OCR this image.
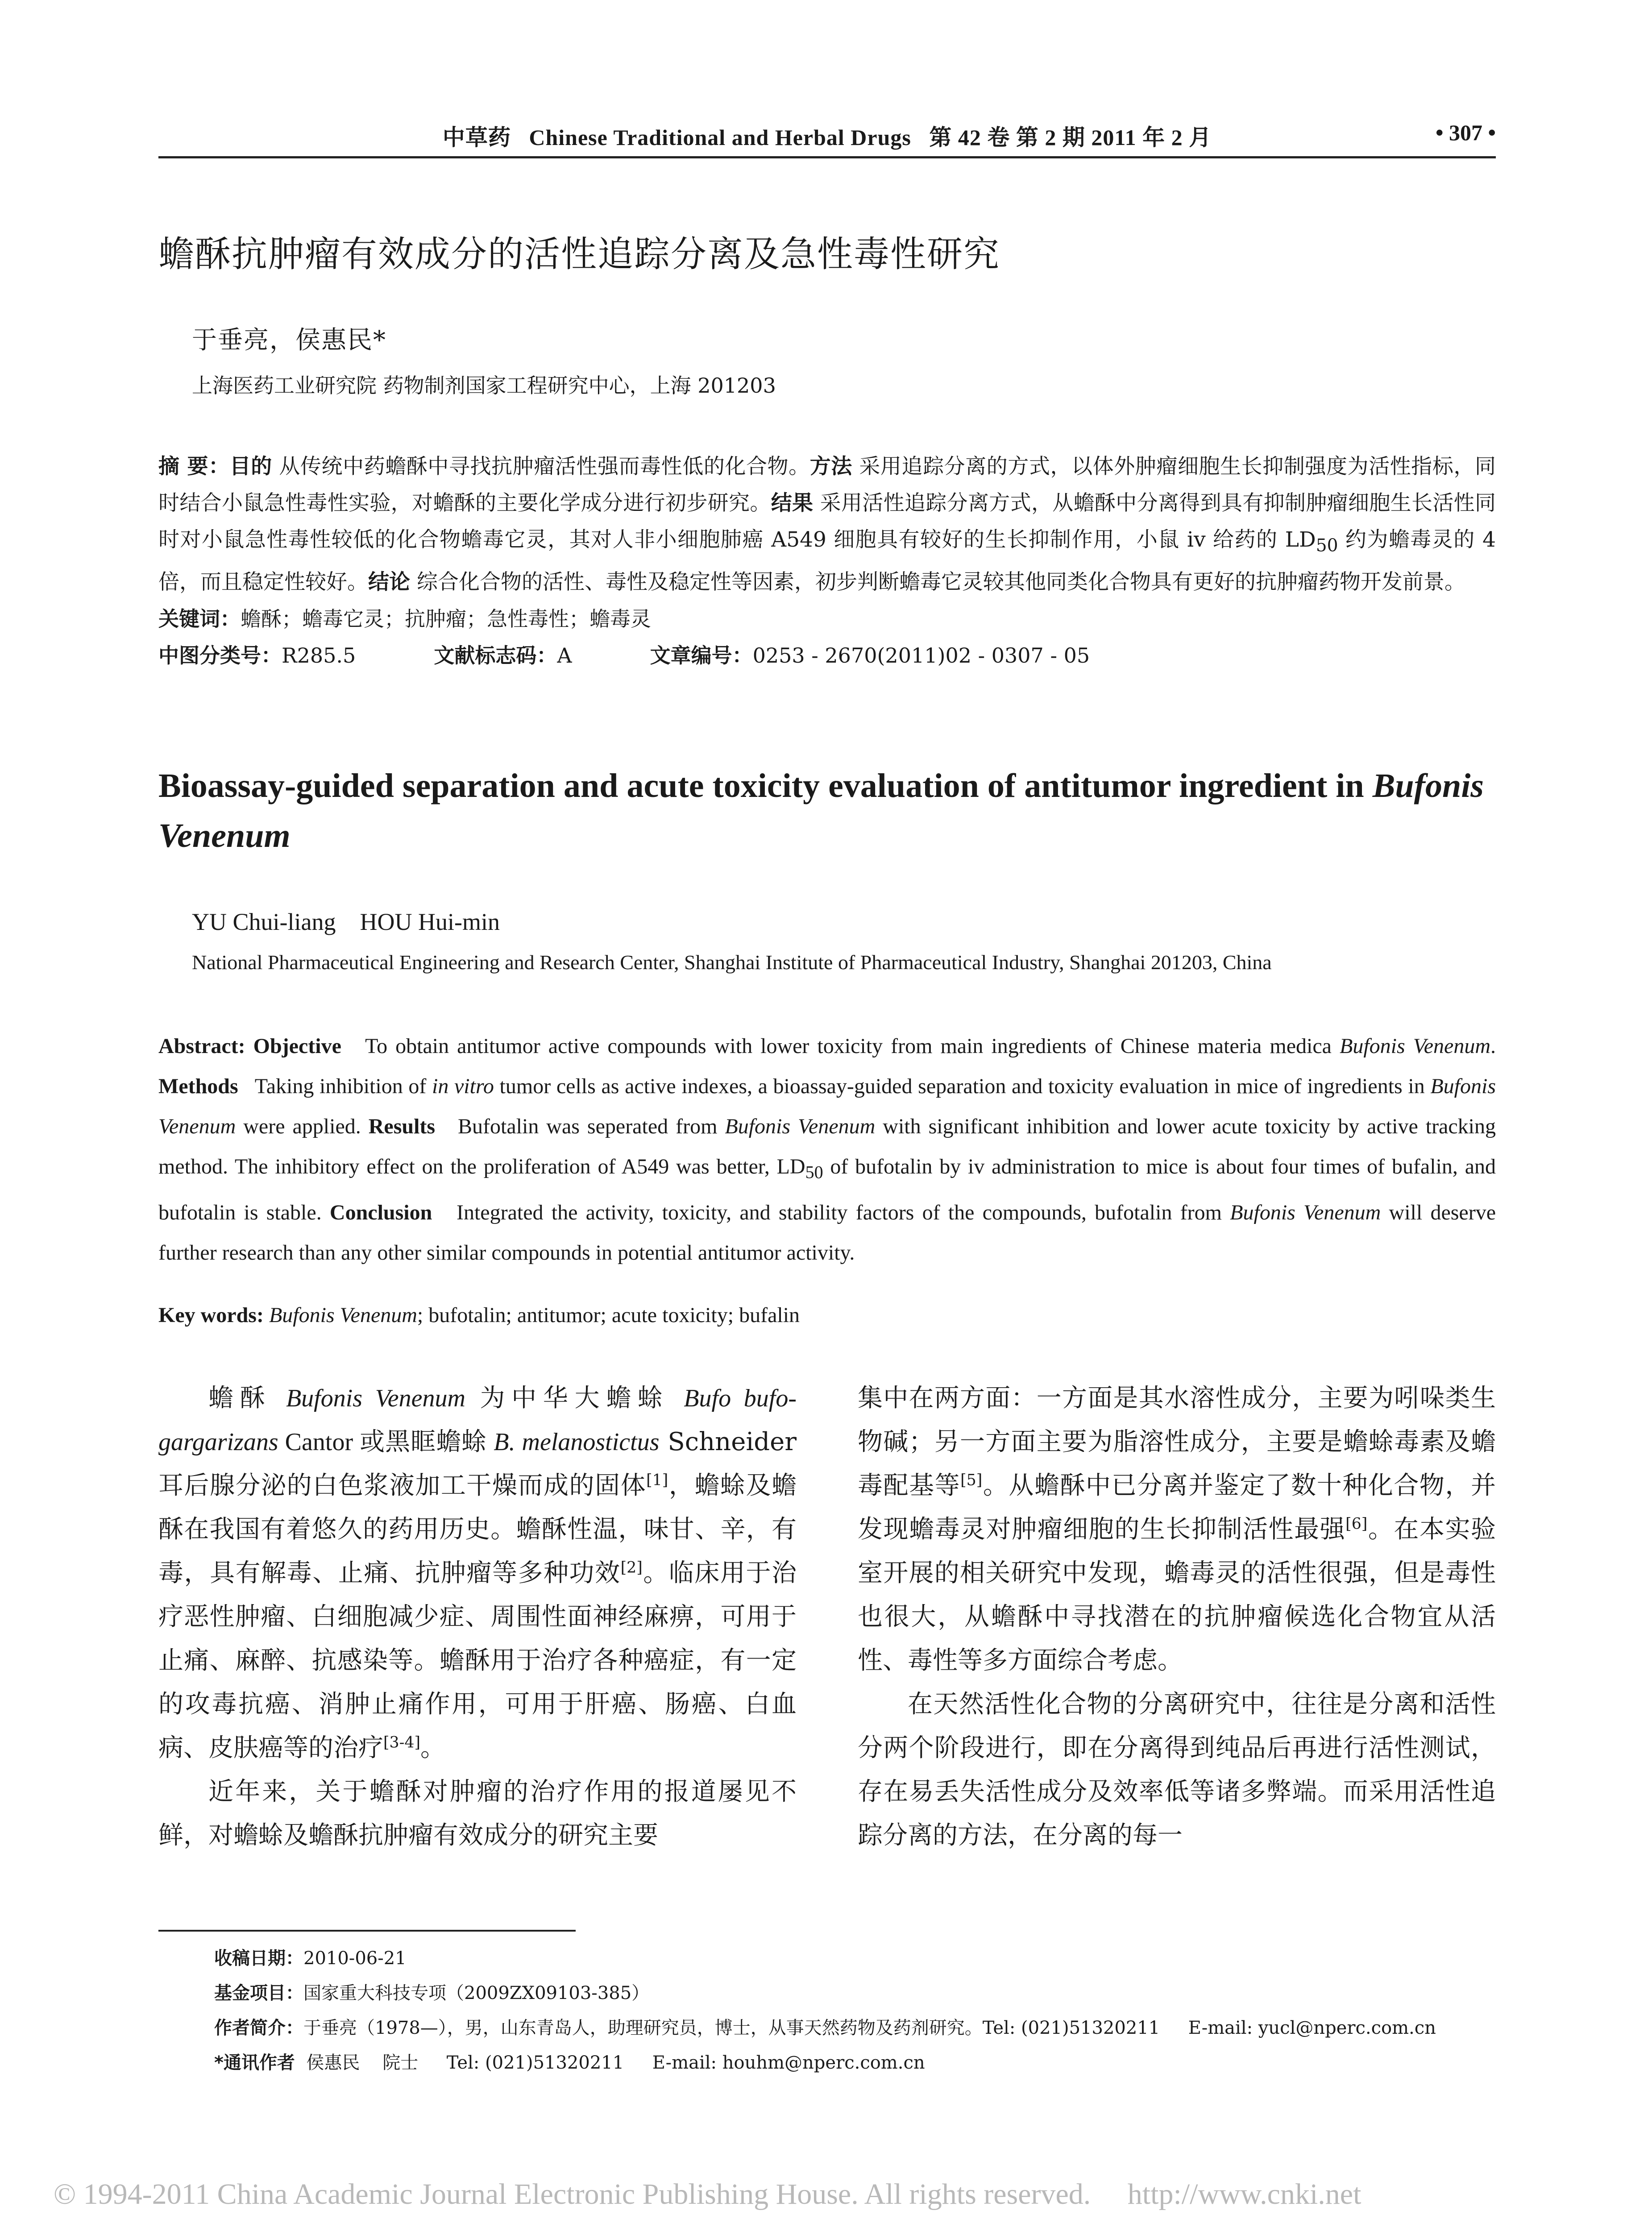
中草药 Chinese Traditional and Herbal Drugs 第 42 卷 第 2 期 2011 年 2 月	• 307 •
蟾酥抗肿瘤有效成分的活性追踪分离及急性毒性研究
于垂亮，侯惠民*
上海医药工业研究院 药物制剂国家工程研究中心，上海 201203
摘 要：目的 从传统中药蟾酥中寻找抗肿瘤活性强而毒性低的化合物。方法 采用追踪分离的方式，以体外肿瘤细胞生长抑制强度为活性指标，同时结合小鼠急性毒性实验，对蟾酥的主要化学成分进行初步研究。结果 采用活性追踪分离方式，从蟾酥中分离得到具有抑制肿瘤细胞生长活性同时对小鼠急性毒性较低的化合物蟾毒它灵，其对人非小细胞肺癌 A549 细胞具有较好的生长抑制作用，小鼠 iv 给药的 $LD_{50}$ 约为蟾毒灵的 4 倍，而且稳定性较好。结论 综合化合物的活性、毒性及稳定性等因素，初步判断蟾毒它灵较其他同类化合物具有更好的抗肿瘤药物开发前景。
关键词：蟾酥；蟾毒它灵；抗肿瘤；急性毒性；蟾毒灵
中图分类号：R285.5	文献标志码：A	文章编号：0253 - 2670(2011)02 - 0307 - 05
Bioassay-guided separation and acute toxicity evaluation of antitumor ingredient in Bufonis Venenum
YU Chui-liang    HOU Hui-min
National Pharmaceutical Engineering and Research Center, Shanghai Institute of Pharmaceutical Industry, Shanghai 201203, China
Abstract: Objective   To obtain antitumor active compounds with lower toxicity from main ingredients of Chinese materia medica Bufonis Venenum. Methods   Taking inhibition of in vitro tumor cells as active indexes, a bioassay-guided separation and toxicity evaluation in mice of ingredients in Bufonis Venenum were applied. Results   Bufotalin was seperated from Bufonis Venenum with significant inhibition and lower acute toxicity by active tracking method. The inhibitory effect on the proliferation of A549 was better, $LD_{50}$ of bufotalin by iv administration to mice is about four times of bufalin, and bufotalin is stable. Conclusion   Integrated the activity, toxicity, and stability factors of the compounds, bufotalin from Bufonis Venenum will deserve further research than any other similar compounds in potential antitumor activity.
Key words: Bufonis Venenum; bufotalin; antitumor; acute toxicity; bufalin

蟾酥 Bufonis Venenum 为中华大蟾蜍 Bufo bufo-gargarizans Cantor 或黑眶蟾蜍 B. melanostictus Schneider 耳后腺分泌的白色浆液加工干燥而成的固体[1]，蟾蜍及蟾酥在我国有着悠久的药用历史。蟾酥性温，味甘、辛，有毒，具有解毒、止痛、抗肿瘤等多种功效[2]。临床用于治疗恶性肿瘤、白细胞减少症、周围性面神经麻痹，可用于止痛、麻醉、抗感染等。蟾酥用于治疗各种癌症，有一定的攻毒抗癌、消肿止痛作用，可用于肝癌、肠癌、白血病、皮肤癌等的治疗[3-4]。

近年来，关于蟾酥对肿瘤的治疗作用的报道屡见不鲜，对蟾蜍及蟾酥抗肿瘤有效成分的研究主要

集中在两方面：一方面是其水溶性成分，主要为吲哚类生物碱；另一方面主要为脂溶性成分，主要是蟾蜍毒素及蟾毒配基等[5]。从蟾酥中已分离并鉴定了数十种化合物，并发现蟾毒灵对肿瘤细胞的生长抑制活性最强[6]。在本实验室开展的相关研究中发现，蟾毒灵的活性很强，但是毒性也很大，从蟾酥中寻找潜在的抗肿瘤候选化合物宜从活性、毒性等多方面综合考虑。

在天然活性化合物的分离研究中，往往是分离和活性分两个阶段进行，即在分离得到纯品后再进行活性测试，存在易丢失活性成分及效率低等诸多弊端。而采用活性追踪分离的方法，在分离的每一

收稿日期：2010-06-21
基金项目：国家重大科技专项（2009ZX09103-385）
作者简介：于垂亮（1978—），男，山东青岛人，助理研究员，博士，从事天然药物及药剂研究。Tel: (021)51320211     E-mail: yucl@nperc.com.cn
*通讯作者  侯惠民    院士     Tel: (021)51320211     E-mail: houhm@nperc.com.cn
© 1994-2011 China Academic Journal Electronic Publishing House. All rights reserved.     http://www.cnki.net
